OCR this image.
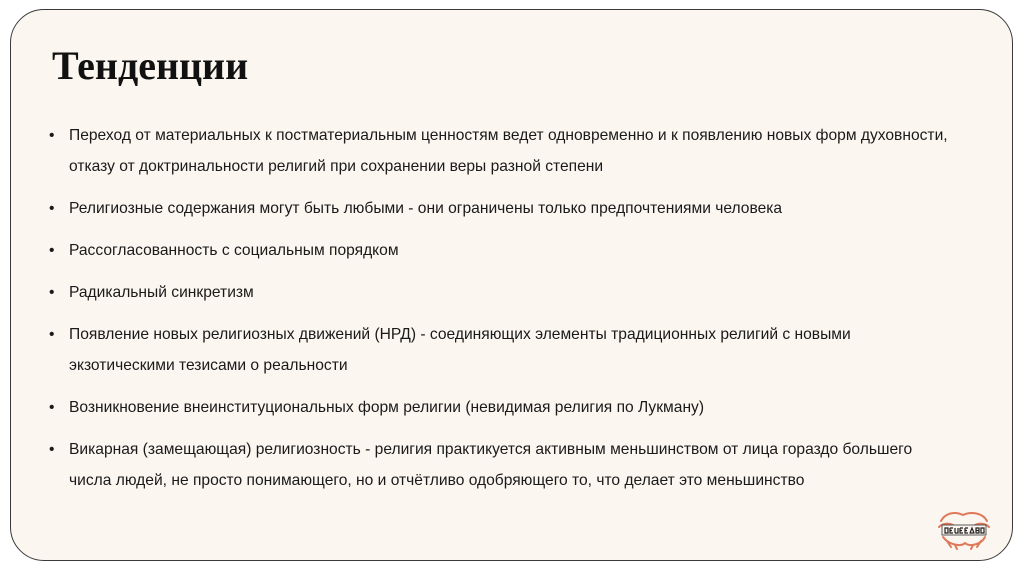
Тенденции
• Переход от материальных к постматериальным ценностям ведет одновременно и к появлению новых форм духовности, отказу от доктринальности религий при сохранении веры разной степени
• Религиозные содержания могут быть любыми - они ограничены только предпочтениями человека
• Рассогласованность с социальным порядком
• Радикальный синкретизм
• Появление новых религиозных движений (НРД) - соединяющих элементы традиционных религий с новыми экзотическими тезисами о реальности
• Возникновение внеинституциональных форм религии (невидимая религия по Лукману)
• Викарная (замещающая) религиозность - религия практикуется активным меньшинством от лица гораздо большего числа людей, не просто понимающего, но и отчётливо одобряющего то, что делает это меньшинство
